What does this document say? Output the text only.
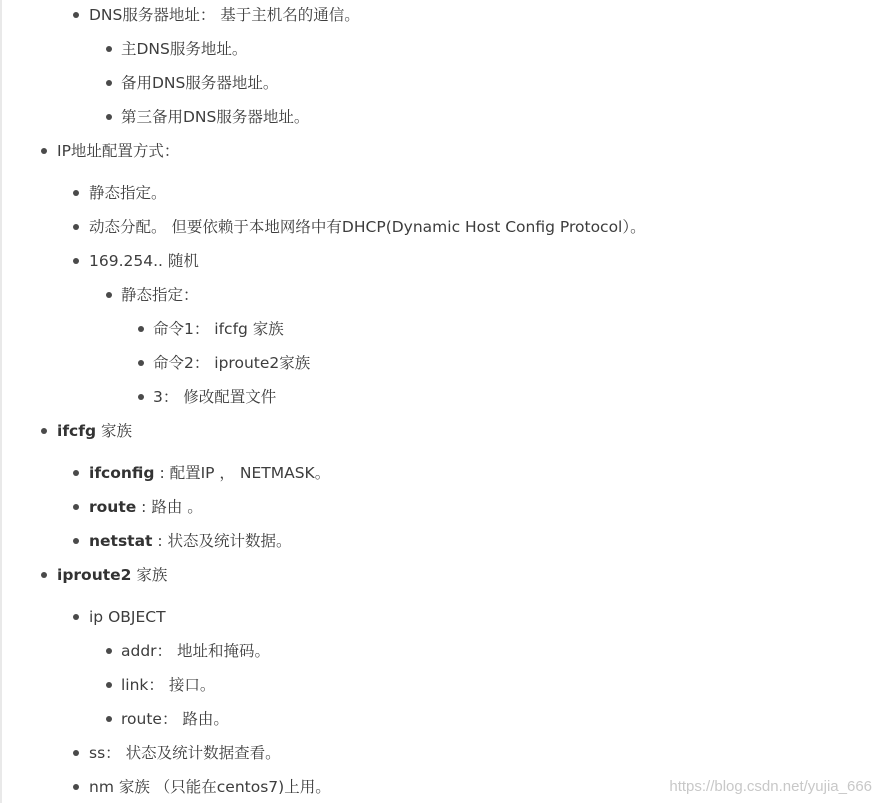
DNS服务器地址： 基于主机名的通信。
主DNS服务地址。
备用DNS服务器地址。
第三备用DNS服务器地址。
IP地址配置方式：
静态指定。
动态分配。 但要依赖于本地网络中有DHCP(Dynamic Host Config Protocol）。
169.254.. 随机
静态指定：
命令1： ifcfg 家族
命令2： iproute2家族
3： 修改配置文件
ifcfg 家族
ifconfig : 配置IP ， NETMASK。
route : 路由 。
netstat : 状态及统计数据。
iproute2 家族
ip OBJECT
addr： 地址和掩码。
link： 接口。
route： 路由。
ss： 状态及统计数据查看。
nm 家族 （只能在centos7)上用。	https://blog.csdn.net/yujia_666
